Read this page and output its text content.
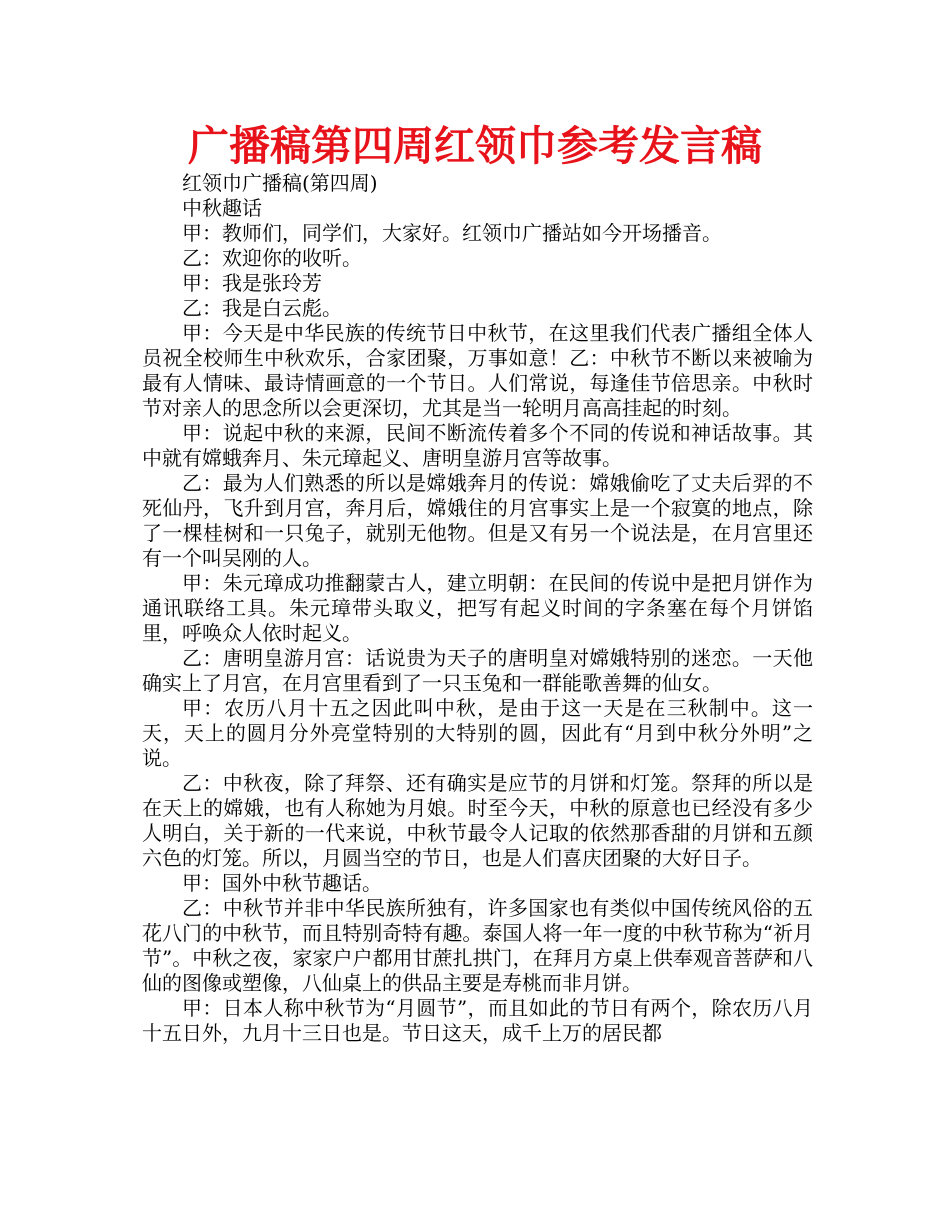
广播稿第四周红领巾参考发言稿

红领巾广播稿(第四周)

中秋趣话

甲：教师们，同学们，大家好。红领巾广播站如今开场播音。

乙：欢迎你的收听。

甲：我是张玲芳

乙：我是白云彪。

甲：今天是中华民族的传统节日中秋节，在这里我们代表广播组全体人员祝全校师生中秋欢乐，合家团聚，万事如意！乙：中秋节不断以来被喻为最有人情味、最诗情画意的一个节日。人们常说，每逢佳节倍思亲。中秋时节对亲人的思念所以会更深切，尤其是当一轮明月高高挂起的时刻。

甲：说起中秋的来源，民间不断流传着多个不同的传说和神话故事。其中就有嫦蛾奔月、朱元璋起义、唐明皇游月宫等故事。

乙：最为人们熟悉的所以是嫦娥奔月的传说：嫦娥偷吃了丈夫后羿的不死仙丹，飞升到月宫，奔月后，嫦娥住的月宫事实上是一个寂寞的地点，除了一棵桂树和一只兔子，就别无他物。但是又有另一个说法是，在月宫里还有一个叫吴刚的人。

甲：朱元璋成功推翻蒙古人，建立明朝：在民间的传说中是把月饼作为通讯联络工具。朱元璋带头取义，把写有起义时间的字条塞在每个月饼馅里，呼唤众人依时起义。

乙：唐明皇游月宫：话说贵为天子的唐明皇对嫦娥特别的迷恋。一天他确实上了月宫，在月宫里看到了一只玉兔和一群能歌善舞的仙女。

甲：农历八月十五之因此叫中秋，是由于这一天是在三秋制中。这一天，天上的圆月分外亮堂特别的大特别的圆，因此有“月到中秋分外明”之说。

乙：中秋夜，除了拜祭、还有确实是应节的月饼和灯笼。祭拜的所以是在天上的嫦娥，也有人称她为月娘。时至今天，中秋的原意也已经没有多少人明白，关于新的一代来说，中秋节最令人记取的依然那香甜的月饼和五颜六色的灯笼。所以，月圆当空的节日，也是人们喜庆团聚的大好日子。

甲：国外中秋节趣话。

乙：中秋节并非中华民族所独有，许多国家也有类似中国传统风俗的五花八门的中秋节，而且特别奇特有趣。泰国人将一年一度的中秋节称为“祈月节”。中秋之夜，家家户户都用甘蔗扎拱门，在拜月方桌上供奉观音菩萨和八仙的图像或塑像，八仙桌上的供品主要是寿桃而非月饼。

甲：日本人称中秋节为“月圆节”，而且如此的节日有两个，除农历八月十五日外，九月十三日也是。节日这天，成千上万的居民都
